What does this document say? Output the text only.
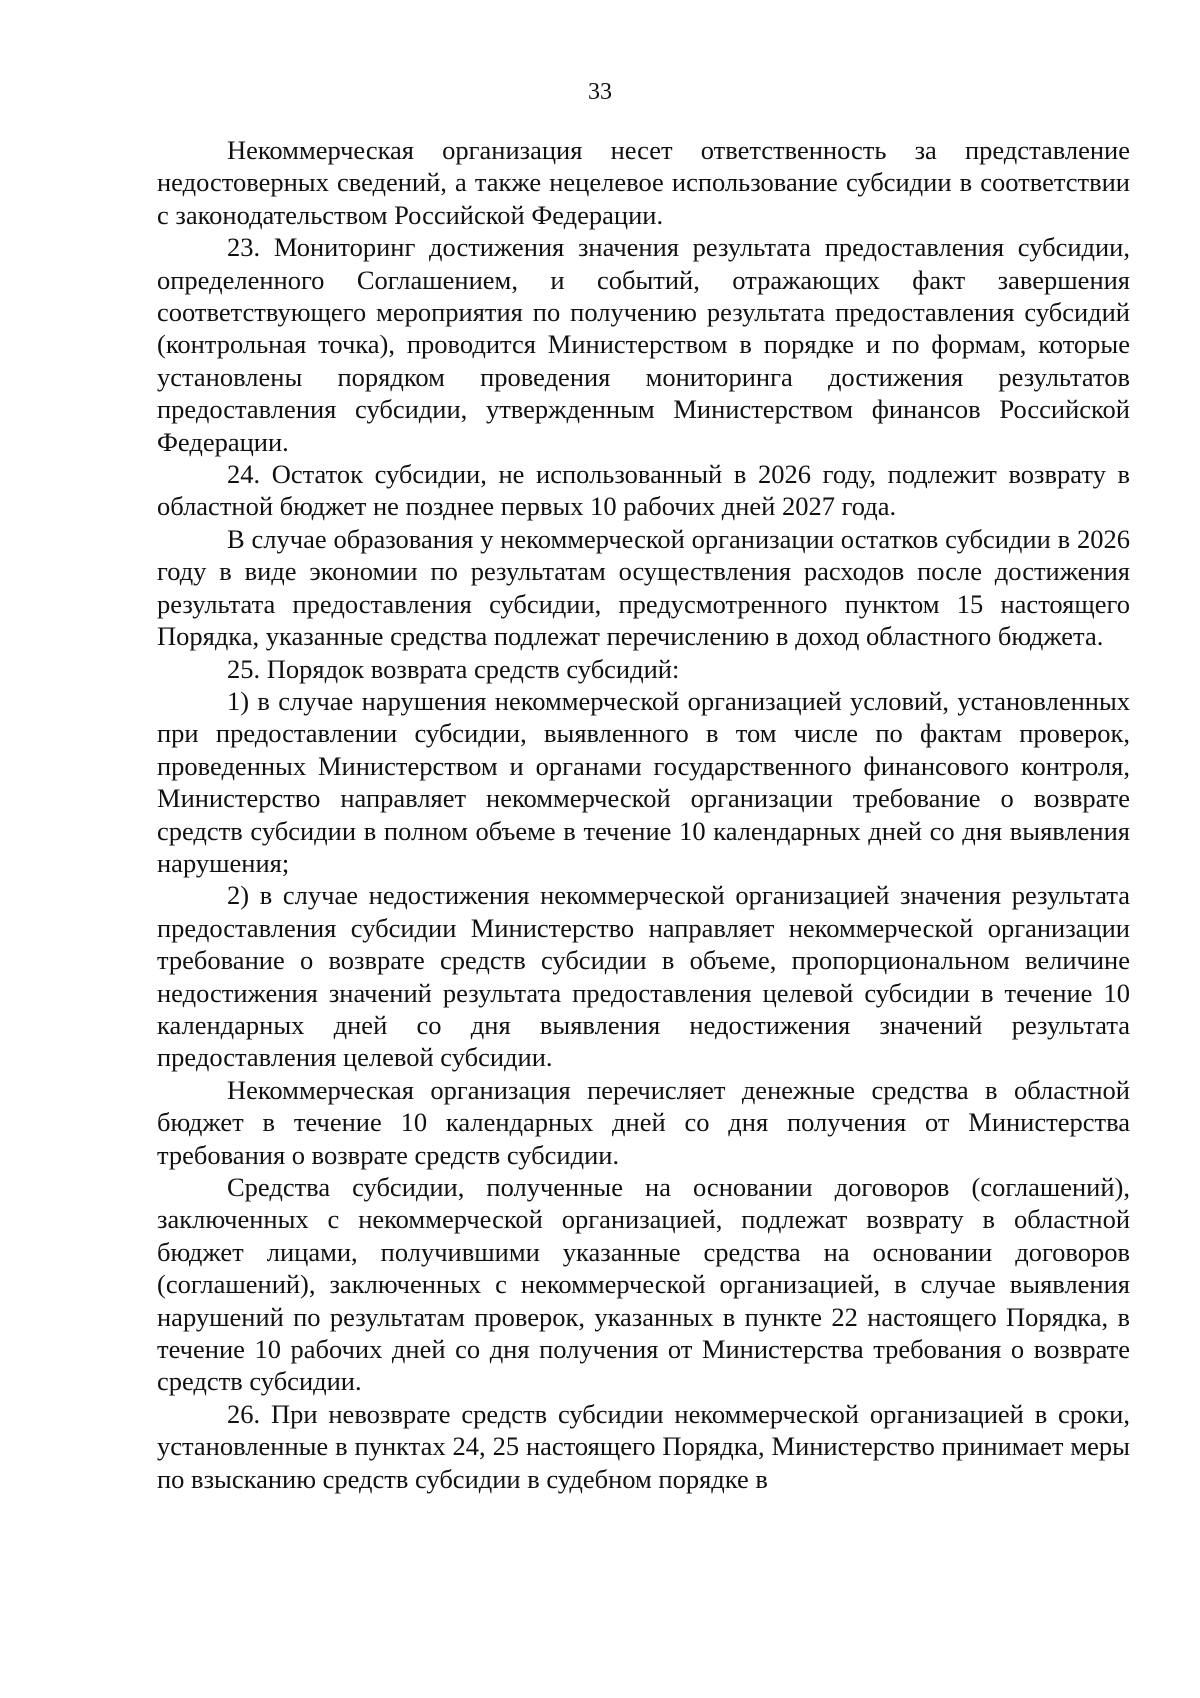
33

Некоммерческая организация несет ответственность за представление недостоверных сведений, а также нецелевое использование субсидии в соответствии с законодательством Российской Федерации.

23. Мониторинг достижения значения результата предоставления субсидии, определенного Соглашением, и событий, отражающих факт завершения соответствующего мероприятия по получению результата предоставления субсидий (контрольная точка), проводится Министерством в порядке и по формам, которые установлены порядком проведения мониторинга достижения результатов предоставления субсидии, утвержденным Министерством финансов Российской Федерации.

24. Остаток субсидии, не использованный в 2026 году, подлежит возврату в областной бюджет не позднее первых 10 рабочих дней 2027 года.

В случае образования у некоммерческой организации остатков субсидии в 2026 году в виде экономии по результатам осуществления расходов после достижения результата предоставления субсидии, предусмотренного пунктом 15 настоящего Порядка, указанные средства подлежат перечислению в доход областного бюджета.

25. Порядок возврата средств субсидий:

1) в случае нарушения некоммерческой организацией условий, установленных при предоставлении субсидии, выявленного в том числе по фактам проверок, проведенных Министерством и органами государственного финансового контроля, Министерство направляет некоммерческой организации требование о возврате средств субсидии в полном объеме в течение 10 календарных дней со дня выявления нарушения;

2) в случае недостижения некоммерческой организацией значения результата предоставления субсидии Министерство направляет некоммерческой организации требование о возврате средств субсидии в объеме, пропорциональном величине недостижения значений результата предоставления целевой субсидии в течение 10 календарных дней со дня выявления недостижения значений результата предоставления целевой субсидии.

Некоммерческая организация перечисляет денежные средства в областной бюджет в течение 10 календарных дней со дня получения от Министерства требования о возврате средств субсидии.

Средства субсидии, полученные на основании договоров (соглашений), заключенных с некоммерческой организацией, подлежат возврату в областной бюджет лицами, получившими указанные средства на основании договоров (соглашений), заключенных с некоммерческой организацией, в случае выявления нарушений по результатам проверок, указанных в пункте 22 настоящего Порядка, в течение 10 рабочих дней со дня получения от Министерства требования о возврате средств субсидии.

26. При невозврате средств субсидии некоммерческой организацией в сроки, установленные в пунктах 24, 25 настоящего Порядка, Министерство принимает меры по взысканию средств субсидии в судебном порядке в
